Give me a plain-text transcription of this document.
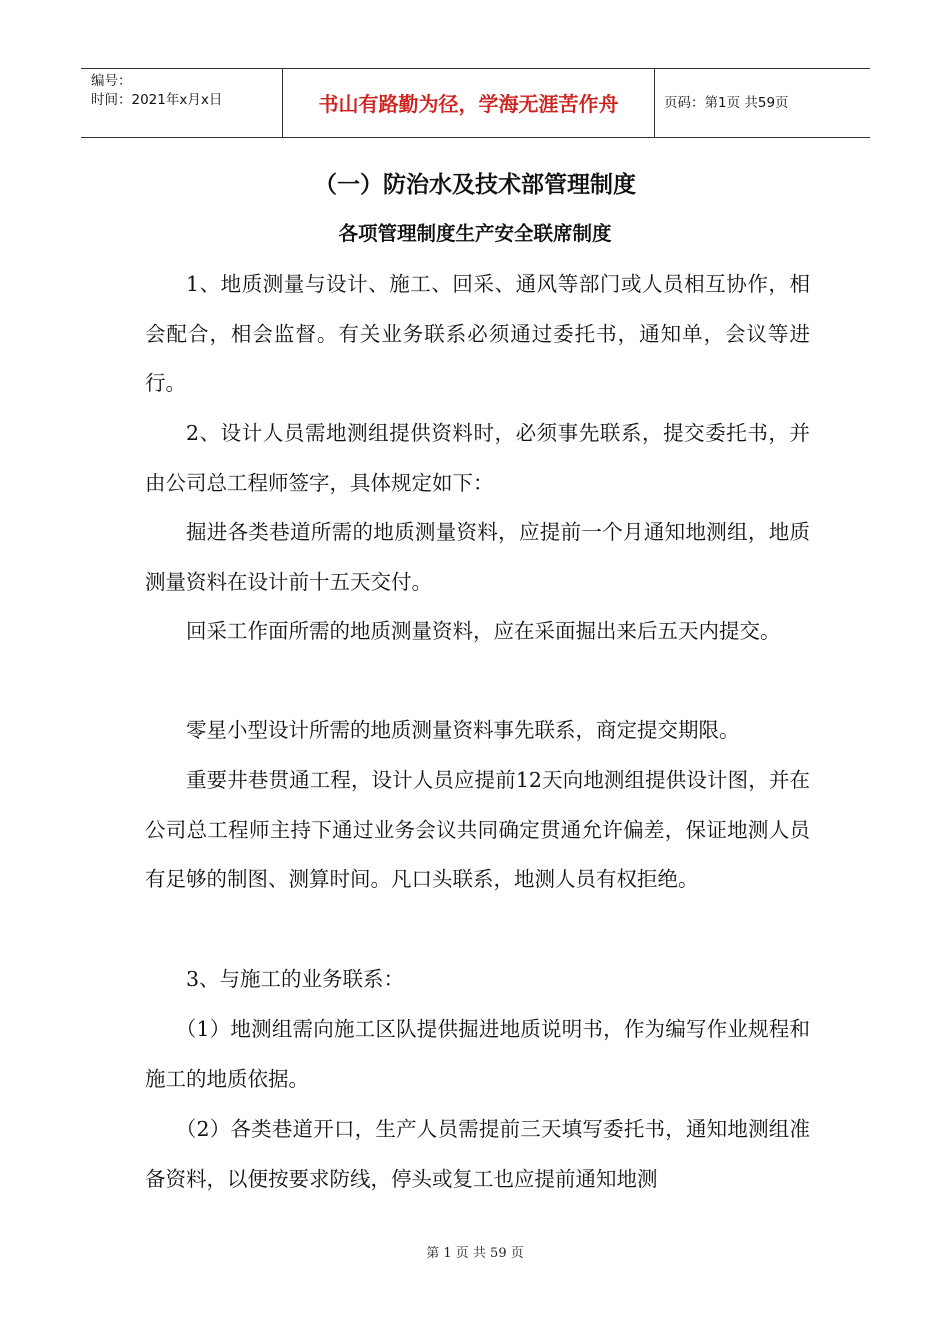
编号：
时间：2021年x月x日	书山有路勤为径，学海无涯苦作舟	页码：第1页 共59页
（一）防治水及技术部管理制度
各项管理制度生产安全联席制度

1、地质测量与设计、施工、回采、通风等部门或人员相互协作，相会配合，相会监督。有关业务联系必须通过委托书，通知单，会议等进行。

2、设计人员需地测组提供资料时，必须事先联系，提交委托书，并由公司总工程师签字，具体规定如下：

掘进各类巷道所需的地质测量资料，应提前一个月通知地测组，地质测量资料在设计前十五天交付。

回采工作面所需的地质测量资料，应在采面掘出来后五天内提交。

零星小型设计所需的地质测量资料事先联系，商定提交期限。

重要井巷贯通工程，设计人员应提前12天向地测组提供设计图，并在公司总工程师主持下通过业务会议共同确定贯通允许偏差，保证地测人员有足够的制图、测算时间。凡口头联系，地测人员有权拒绝。

3、与施工的业务联系：

（1）地测组需向施工区队提供掘进地质说明书，作为编写作业规程和施工的地质依据。

（2）各类巷道开口，生产人员需提前三天填写委托书，通知地测组准备资料，以便按要求防线，停头或复工也应提前通知地测

第 1 页 共 59 页
